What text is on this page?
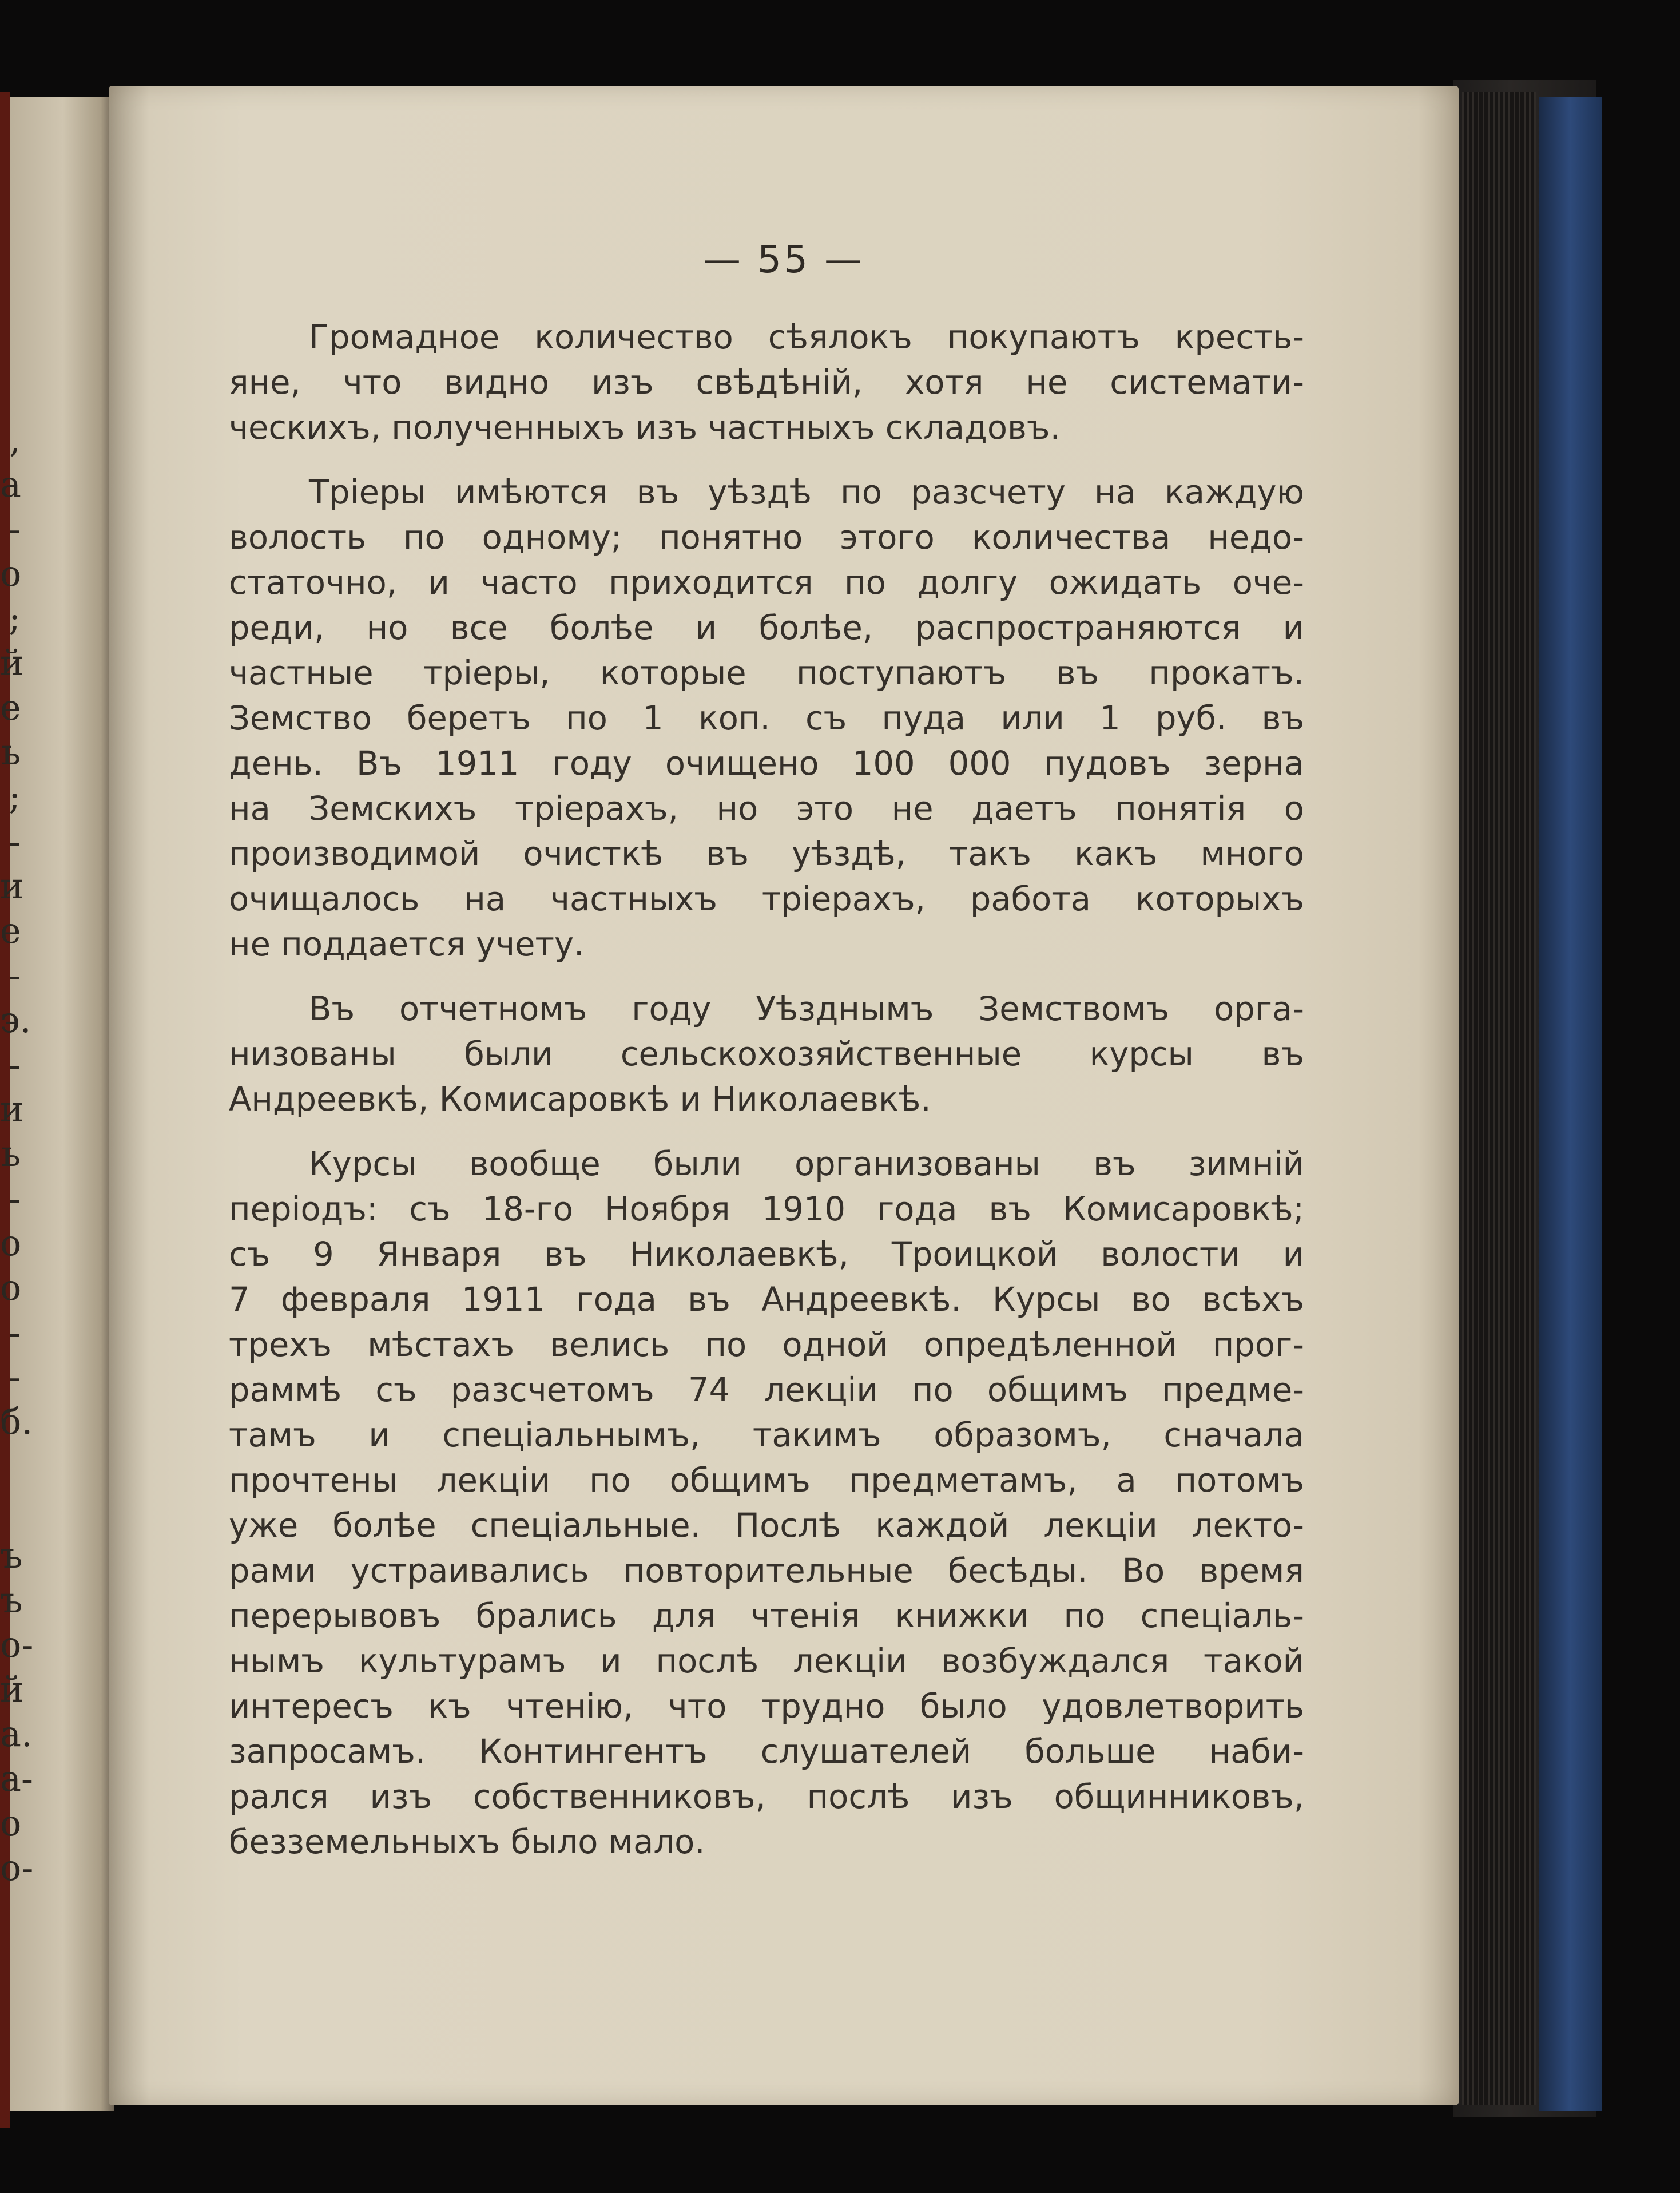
,
а
-
о
;
й
е
ь
;
-
и
е
-
э.
-
и
ь
-
о
о
-
-
б.
ъ
ъ
о-
й
а.
а-
о
о-
— 55 —
Громадное количество сѣялокъ покупаютъ кресть-
яне, что видно изъ свѣдѣній, хотя не системати-
ческихъ, полученныхъ изъ частныхъ складовъ.
Тріеры имѣются въ уѣздѣ по разсчету на каждую
волость по одному; понятно этого количества недо-
статочно, и часто приходится по долгу ожидать оче-
реди, но все болѣе и болѣе, распространяются и
частные тріеры, которые поступаютъ въ прокатъ.
Земство беретъ по 1 коп. съ пуда или 1 руб. въ
день. Въ 1911 году очищено 100 000 пудовъ зерна
на Земскихъ тріерахъ, но это не даетъ понятія о
производимой очисткѣ въ уѣздѣ, такъ какъ много
очищалось на частныхъ тріерахъ, работа которыхъ
не поддается учету.
Въ отчетномъ году Уѣзднымъ Земствомъ орга-
низованы были сельскохозяйственные курсы въ
Андреевкѣ, Комисаровкѣ и Николаевкѣ.
Курсы вообще были организованы въ зимній
періодъ: съ 18-го Ноября 1910 года въ Комисаровкѣ;
съ 9 Января въ Николаевкѣ, Троицкой волости и
7 февраля 1911 года въ Андреевкѣ. Курсы во всѣхъ
трехъ мѣстахъ велись по одной опредѣленной прог-
раммѣ съ разсчетомъ 74 лекціи по общимъ предме-
тамъ и спеціальнымъ, такимъ образомъ, сначала
прочтены лекціи по общимъ предметамъ, а потомъ
уже болѣе спеціальные. Послѣ каждой лекціи лекто-
рами устраивались повторительные бесѣды. Во время
перерывовъ брались для чтенія книжки по спеціаль-
нымъ культурамъ и послѣ лекціи возбуждался такой
интересъ къ чтенію, что трудно было удовлетворить
запросамъ. Контингентъ слушателей больше наби-
рался изъ собственниковъ, послѣ изъ общинниковъ,
безземельныхъ было мало.
